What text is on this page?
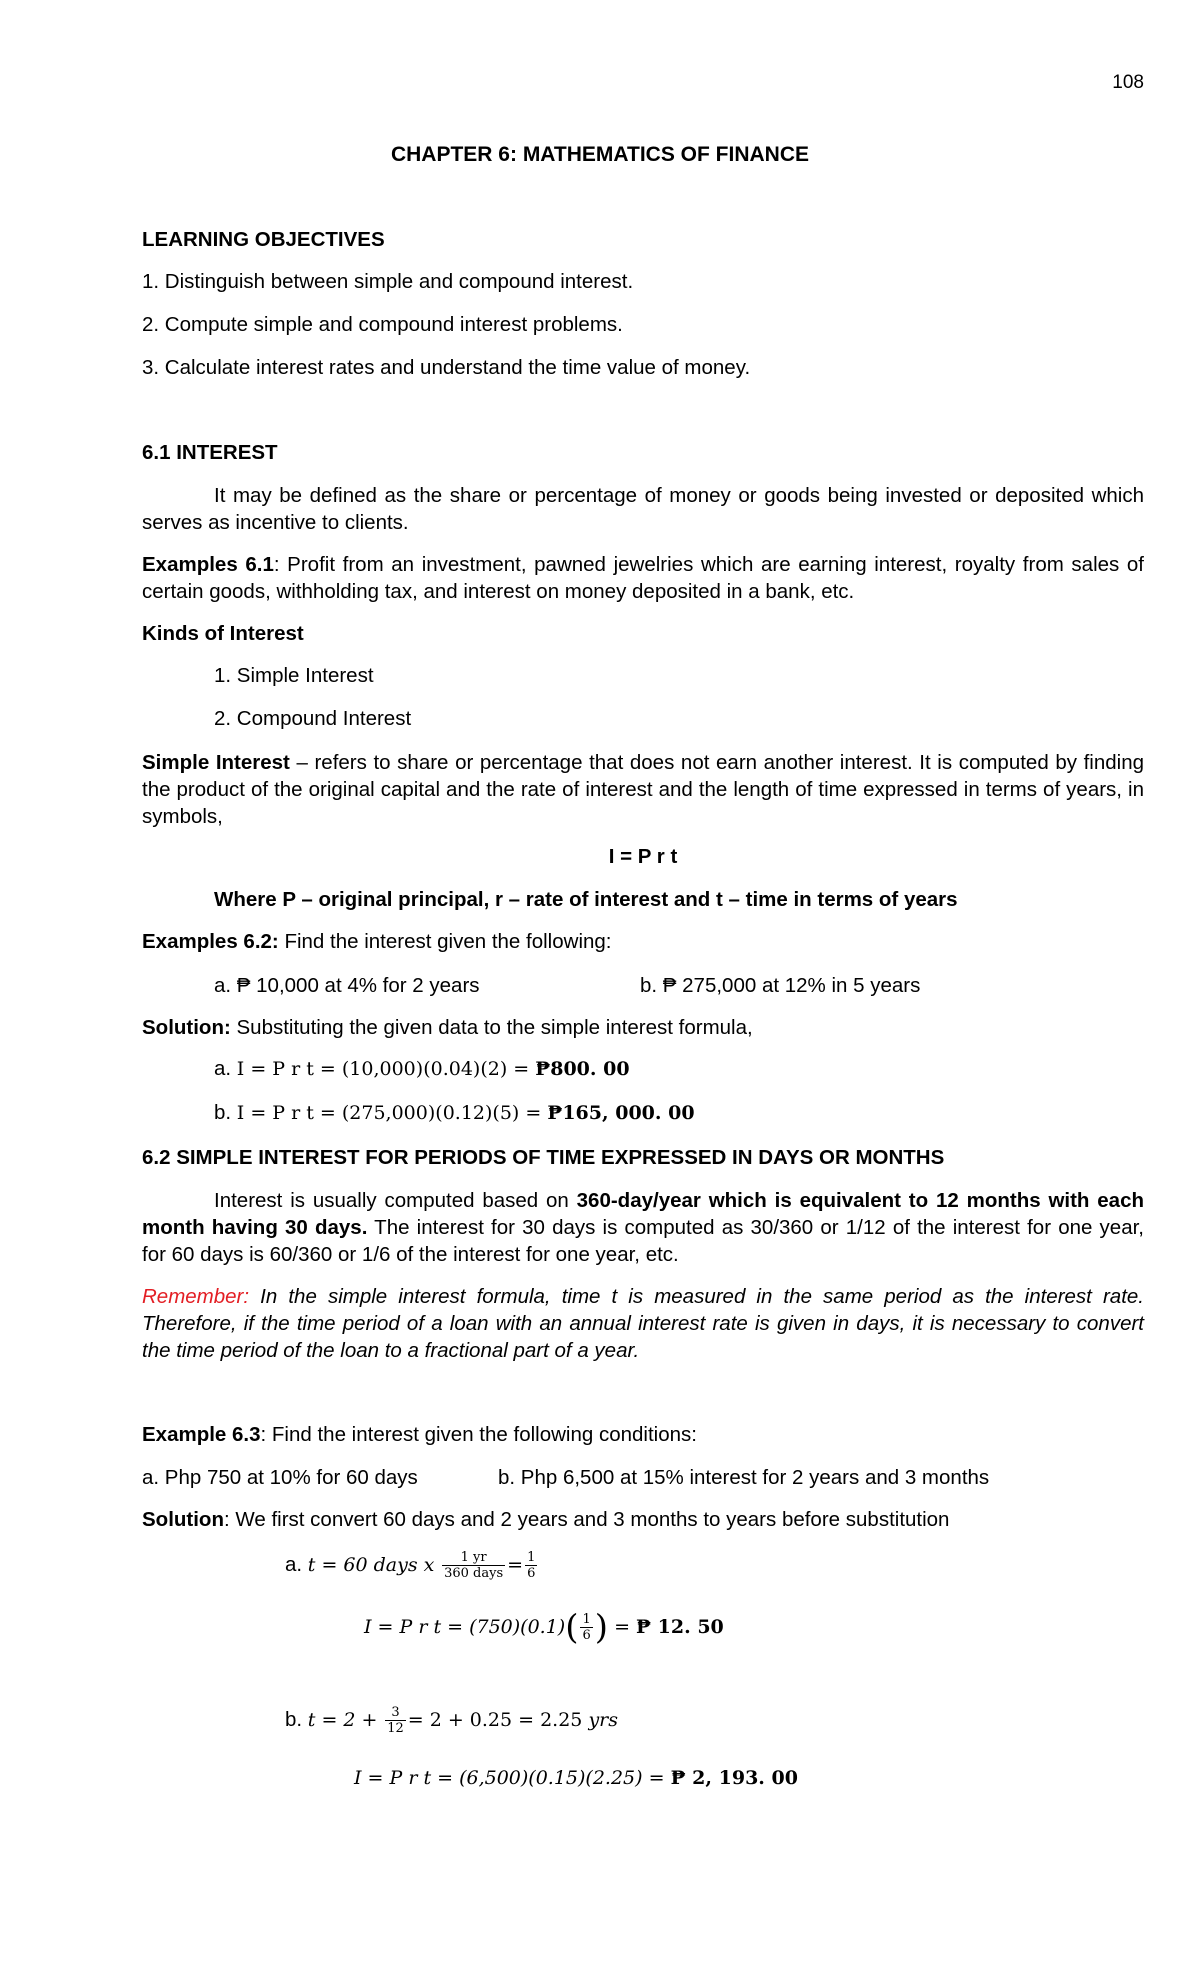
108
CHAPTER 6: MATHEMATICS OF FINANCE
LEARNING OBJECTIVES
1. Distinguish between simple and compound interest.
2. Compute simple and compound interest problems.
3. Calculate interest rates and understand the time value of money.
6.1 INTEREST
It may be defined as the share or percentage of money or goods being invested or deposited which serves as incentive to clients.
Examples 6.1: Profit from an investment, pawned jewelries which are earning interest, royalty from sales of certain goods, withholding tax, and interest on money deposited in a bank, etc.
Kinds of Interest
1. Simple Interest
2. Compound Interest
Simple Interest – refers to share or percentage that does not earn another interest. It is computed by finding the product of the original capital and the rate of interest and the length of time expressed in terms of years, in symbols,
I = P r t
Where P – original principal, r – rate of interest and t – time in terms of years
Examples 6.2: Find the interest given the following:
a. ₱ 10,000 at 4% for 2 years	b. ₱ 275,000 at 12% in 5 years
Solution: Substituting the given data to the simple interest formula,
a. I = P r t = (10,000)(0.04)(2) = ₱800. 00
b. I = P r t = (275,000)(0.12)(5) = ₱165, 000. 00
6.2 SIMPLE INTEREST FOR PERIODS OF TIME EXPRESSED IN DAYS OR MONTHS
Interest is usually computed based on 360-day/year which is equivalent to 12 months with each month having 30 days. The interest for 30 days is computed as 30/360 or 1/12 of the interest for one year, for 60 days is 60/360 or 1/6 of the interest for one year, etc.
Remember: In the simple interest formula, time t is measured in the same period as the interest rate. Therefore, if the time period of a loan with an annual interest rate is given in days, it is necessary to convert the time period of the loan to a fractional part of a year.
Example 6.3: Find the interest given the following conditions:
a. Php 750 at 10% for 60 days	b. Php 6,500 at 15% interest for 2 years and 3 months
Solution: We first convert 60 days and 2 years and 3 months to years before substitution
a. t = 60 days x $\frac{1 yr}{\text{360 days}} = \frac{1}{6}$
I = P r $t = (750)(0.1)( \frac{1}{6}$ ) = ₱ 12. 50
b. $t = 2 + \frac{3}{12} = 2 + 0.25 = 2.25$ yrs
I = P r t = (6,500)(0.15)(2.25) = ₱ 2, 193. 00
